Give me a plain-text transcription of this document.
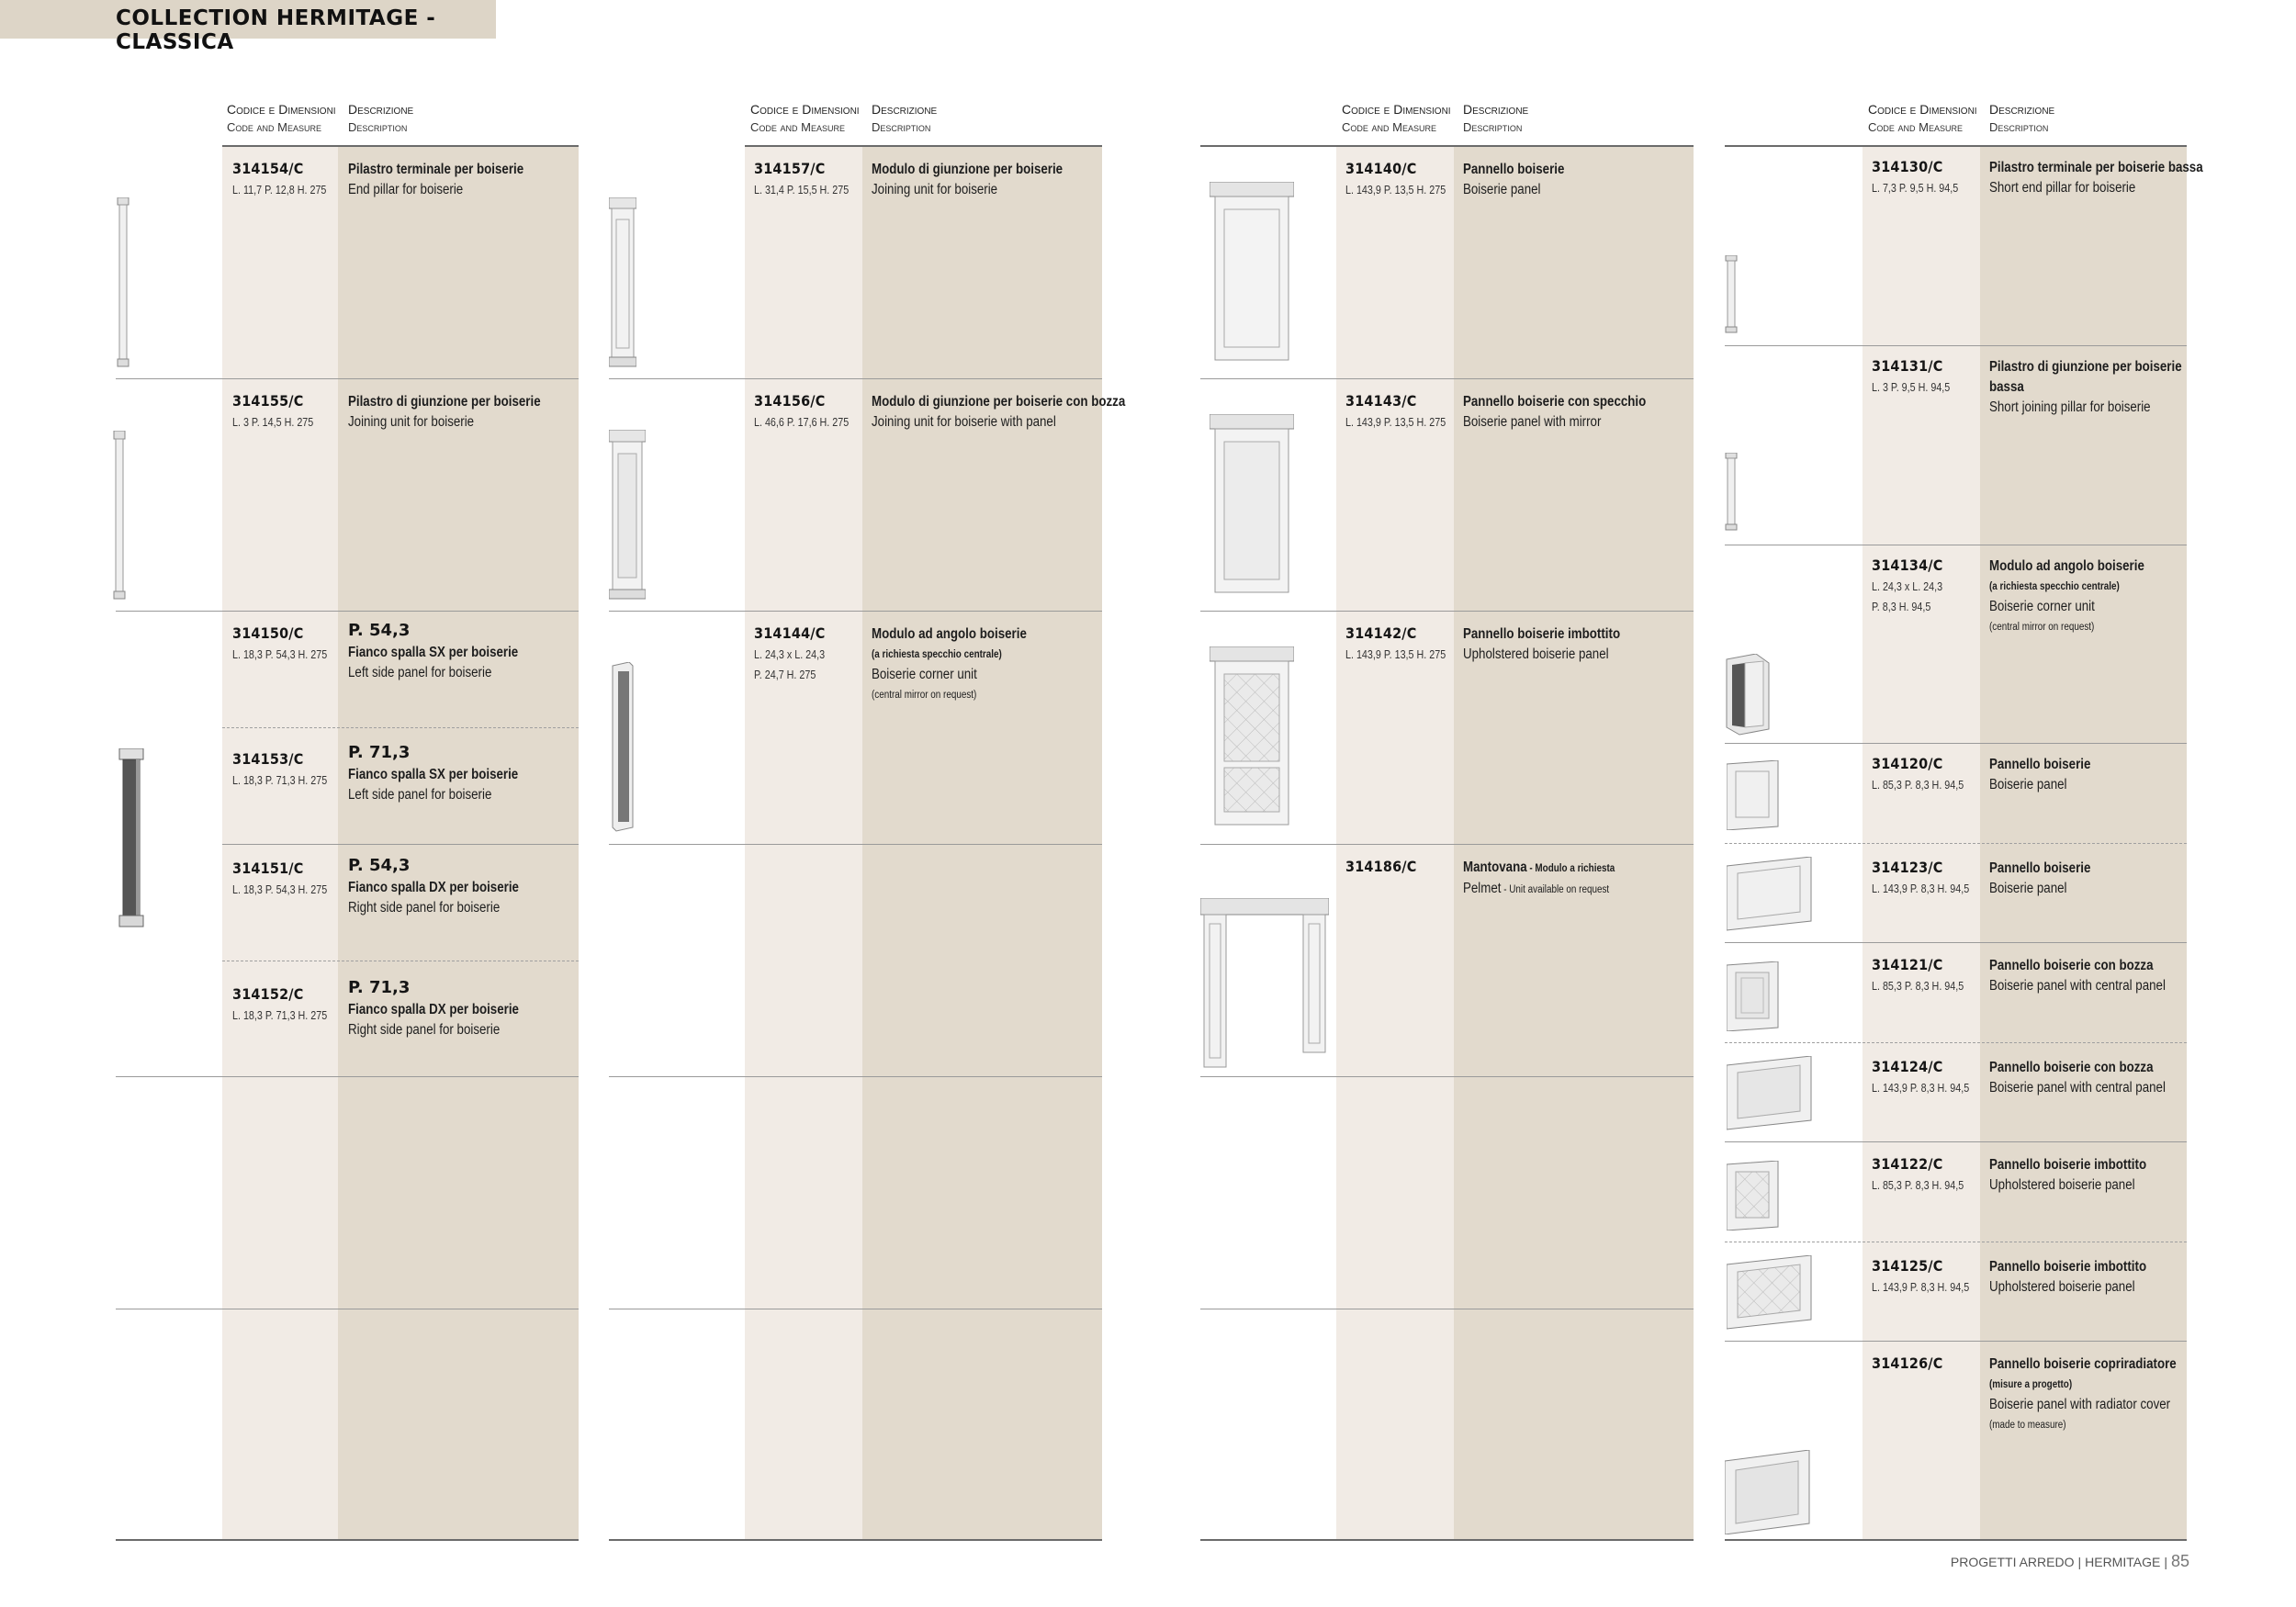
COLLECTION HERMITAGE - CLASSICA
Codice e Dimensioni
Code and Measure
Descrizione
Description
314154/C
L. 11,7 P. 12,8 H. 275
Pilastro terminale per boiserie
End pillar for boiserie
314155/C
L. 3 P. 14,5 H. 275
Pilastro di giunzione per boiserie
Joining unit for boiserie
314150/C
L. 18,3 P. 54,3 H. 275
P. 54,3
Fianco spalla SX per boiserie
Left side panel for boiserie
314153/C
L. 18,3 P. 71,3 H. 275
P. 71,3
Fianco spalla SX per boiserie
Left side panel for boiserie
314151/C
L. 18,3 P. 54,3 H. 275
P. 54,3
Fianco spalla DX per boiserie
Right side panel for boiserie
314152/C
L. 18,3 P. 71,3 H. 275
P. 71,3
Fianco spalla DX per boiserie
Right side panel for boiserie
Codice e Dimensioni
Code and Measure
Descrizione
Description
314157/C
L. 31,4 P. 15,5 H. 275
Modulo di giunzione per boiserie
Joining unit for boiserie
314156/C
L. 46,6 P. 17,6 H. 275
Modulo di giunzione per boiserie con bozza
Joining unit for boiserie with panel
314144/C
L. 24,3 x L. 24,3
P. 24,7 H. 275
Modulo ad angolo boiserie
(a richiesta specchio centrale)
Boiserie corner unit
(central mirror on request)
Codice e Dimensioni
Code and Measure
Descrizione
Description
314140/C
L. 143,9 P. 13,5 H. 275
Pannello boiserie
Boiserie panel
314143/C
L. 143,9 P. 13,5 H. 275
Pannello boiserie con specchio
Boiserie panel with mirror
314142/C
L. 143,9 P. 13,5 H. 275
Pannello boiserie imbottito
Upholstered boiserie panel
314186/C	Mantovana - Modulo a richiesta
Pelmet - Unit available on request
Codice e Dimensioni
Code and Measure
Descrizione
Description
314130/C
L. 7,3 P. 9,5 H. 94,5
Pilastro terminale per boiserie bassa
Short end pillar for boiserie
314131/C
L. 3 P. 9,5 H. 94,5
Pilastro di giunzione per boiserie
bassa
Short joining pillar for boiserie
314134/C
L. 24,3 x L. 24,3
P. 8,3 H. 94,5
Modulo ad angolo boiserie
(a richiesta specchio centrale)
Boiserie corner unit
(central mirror on request)
314120/C
L. 85,3 P. 8,3 H. 94,5
Pannello boiserie
Boiserie panel
314123/C
L. 143,9 P. 8,3 H. 94,5
Pannello boiserie
Boiserie panel
314121/C
L. 85,3 P. 8,3 H. 94,5
Pannello boiserie con bozza
Boiserie panel with central panel
314124/C
L. 143,9 P. 8,3 H. 94,5
Pannello boiserie con bozza
Boiserie panel with central panel
314122/C
L. 85,3 P. 8,3 H. 94,5
Pannello boiserie imbottito
Upholstered boiserie panel
314125/C
L. 143,9 P. 8,3 H. 94,5
Pannello boiserie imbottito
Upholstered boiserie panel
314126/C	Pannello boiserie copriradiatore
(misure a progetto)
Boiserie panel with radiator cover
(made to measure)
PROGETTI ARREDO | HERMITAGE | 85
